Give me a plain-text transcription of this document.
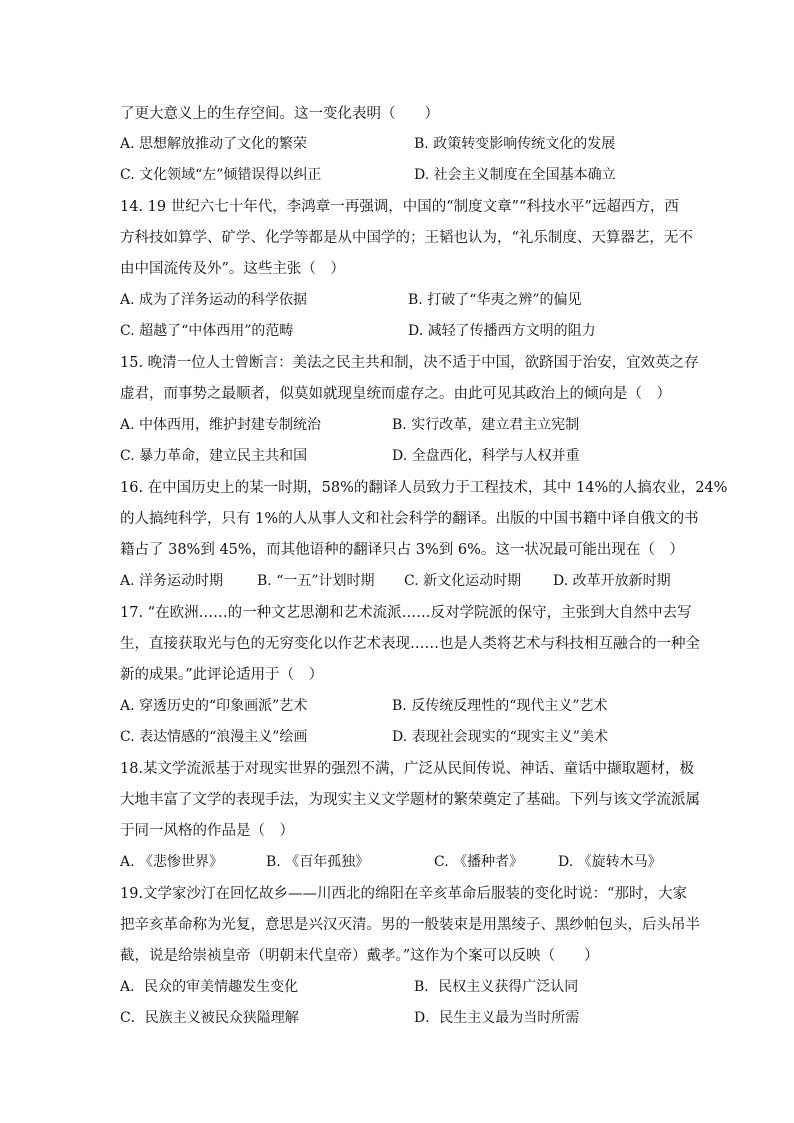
了更大意义上的生存空间。这一变化表明（　　）
A. 思想解放推动了文化的繁荣	B. 政策转变影响传统文化的发展
C. 文化领域“左”倾错误得以纠正	D. 社会主义制度在全国基本确立
14. 19 世纪六七十年代，李鸿章一再强调，中国的“制度文章”“科技水平”远超西方，西
方科技如算学、矿学、化学等都是从中国学的；王韬也认为，“礼乐制度、天算器艺，无不
由中国流传及外”。这些主张（　）
A. 成为了洋务运动的科学依据	B. 打破了“华夷之辨”的偏见
C. 超越了“中体西用”的范畴	D. 减轻了传播西方文明的阻力
15. 晚清一位人士曾断言：美法之民主共和制，决不适于中国，欲跻国于治安，宜效英之存
虚君，而事势之最顺者，似莫如就现皇统而虚存之。由此可见其政治上的倾向是（　）
A. 中体西用，维护封建专制统治	B. 实行改革，建立君主立宪制
C. 暴力革命，建立民主共和国	D. 全盘西化，科学与人权并重
16. 在中国历史上的某一时期，58%的翻译人员致力于工程技术，其中 14%的人搞农业，24%
的人搞纯科学，只有 1%的人从事人文和社会科学的翻译。出版的中国书籍中译自俄文的书
籍占了 38%到 45%，而其他语种的翻译只占 3%到 6%。这一状况最可能出现在（　）
A. 洋务运动时期 B. “一五”计划时期 C. 新文化运动时期 D. 改革开放新时期
17. “在欧洲……的一种文艺思潮和艺术流派……反对学院派的保守，主张到大自然中去写
生，直接获取光与色的无穷变化以作艺术表现……也是人类将艺术与科技相互融合的一种全
新的成果。”此评论适用于（　）
A. 穿透历史的“印象画派”艺术	B. 反传统反理性的“现代主义”艺术
C. 表达情感的“浪漫主义”绘画	D. 表现社会现实的“现实主义”美术
18.某文学流派基于对现实世界的强烈不满，广泛从民间传说、神话、童话中撷取题材，极
大地丰富了文学的表现手法，为现实主义文学题材的繁荣奠定了基础。下列与该文学流派属
于同一风格的作品是（　）
A. 《悲惨世界》	B. 《百年孤独》	C. 《播种者》 D. 《旋转木马》
19.文学家沙汀在回忆故乡——川西北的绵阳在辛亥革命后服装的变化时说：“那时，大家
把辛亥革命称为光复，意思是兴汉灭清。男的一般装束是用黑绫子、黑纱帕包头，后头吊半
截，说是给崇祯皇帝（明朝末代皇帝）戴孝。”这作为个案可以反映（　　）
A．民众的审美情趣发生变化	B．民权主义获得广泛认同
C．民族主义被民众狭隘理解	D．民生主义最为当时所需
